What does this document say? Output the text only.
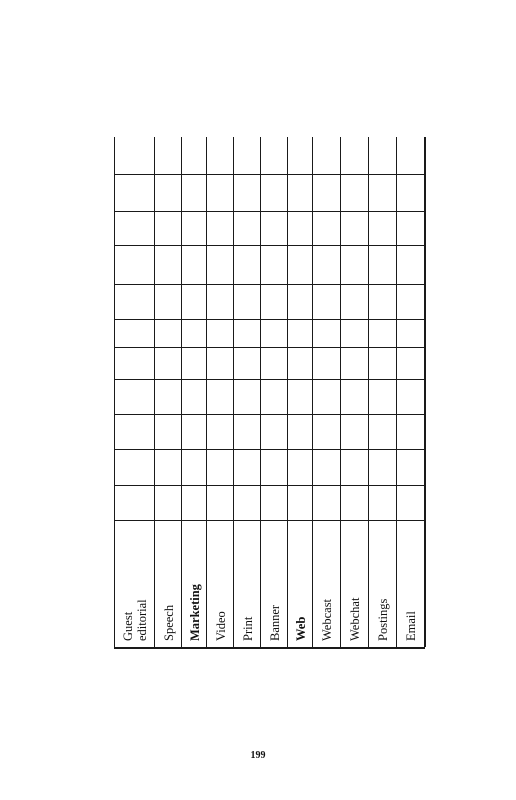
Guest editorial Speech Marketing Video Print Banner Web Webcast Webchat Postings Email
199
